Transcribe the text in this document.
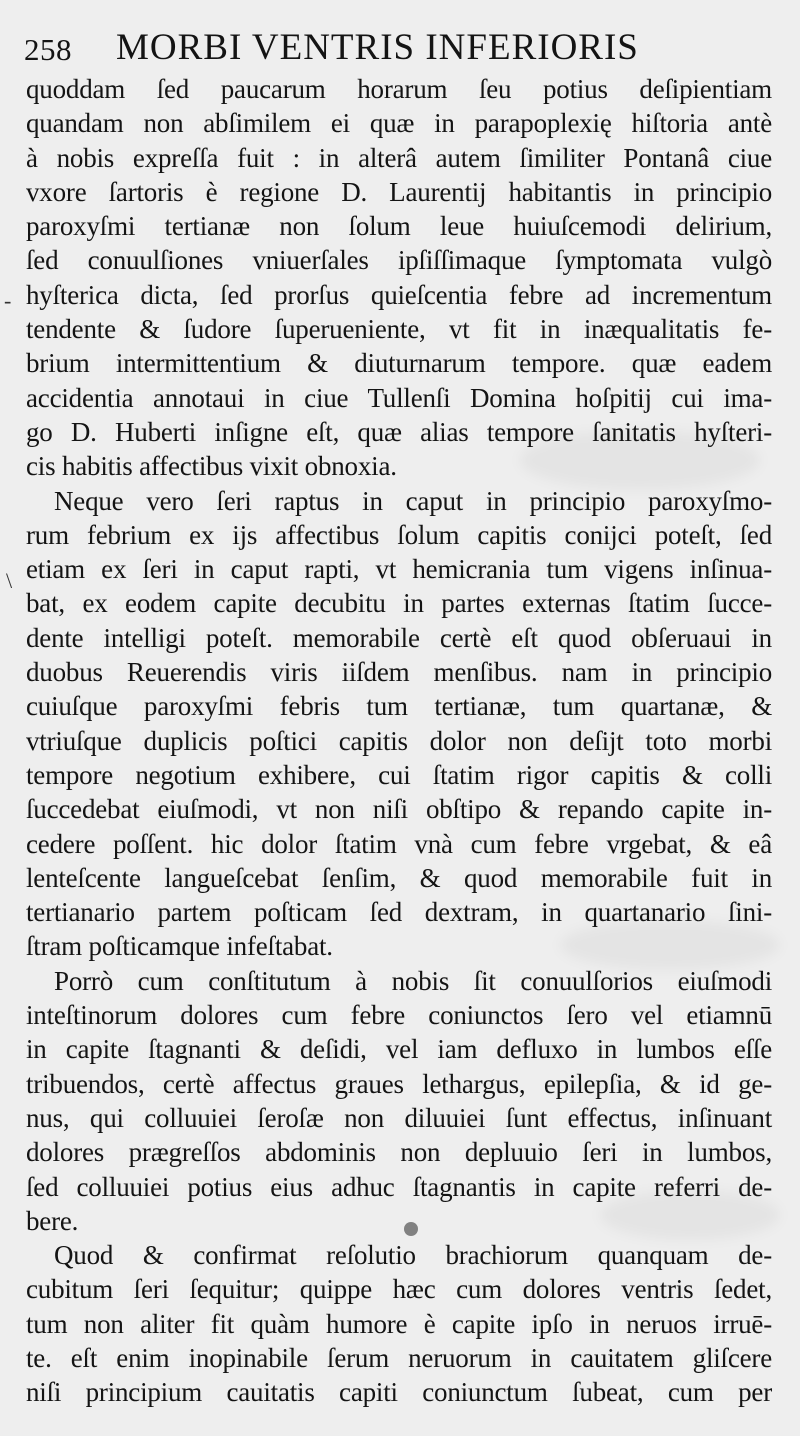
258 MORBI VENTRIS INFERIORIS
quoddam ſed paucarum horarum ſeu potius deſipientiam
quandam non abſimilem ei quæ in parapoplexię hiſtoria antè
à nobis expreſſa fuit : in alterâ autem ſimiliter Pontanâ ciue
vxore ſartoris è regione D. Laurentij habitantis in principio
paroxyſmi tertianæ non ſolum leue huiuſcemodi delirium,
ſed conuulſiones vniuerſales ipſiſſimaque ſymptomata vulgò
hyſterica dicta, ſed prorſus quieſcentia febre ad incrementum
tendente & ſudore ſuperueniente, vt fit in inæqualitatis fe-
brium intermittentium & diuturnarum tempore. quæ eadem
accidentia annotaui in ciue Tullenſi Domina hoſpitij cui ima-
go D. Huberti inſigne eſt, quæ alias tempore ſanitatis hyſteri-
cis habitis affectibus vixit obnoxia.
Neque vero ſeri raptus in caput in principio paroxyſmo-
rum febrium ex ijs affectibus ſolum capitis conijci poteſt, ſed
etiam ex ſeri in caput rapti, vt hemicrania tum vigens inſinua-
bat, ex eodem capite decubitu in partes externas ſtatim ſucce-
dente intelligi poteſt. memorabile certè eſt quod obſeruaui in
duobus Reuerendis viris iiſdem menſibus. nam in principio
cuiuſque paroxyſmi febris tum tertianæ, tum quartanæ, &
vtriuſque duplicis poſtici capitis dolor non deſijt toto morbi
tempore negotium exhibere, cui ſtatim rigor capitis & colli
ſuccedebat eiuſmodi, vt non niſi obſtipo & repando capite in-
cedere poſſent. hic dolor ſtatim vnà cum febre vrgebat, & eâ
lenteſcente langueſcebat ſenſim, & quod memorabile fuit in
tertianario partem poſticam ſed dextram, in quartanario ſini-
ſtram poſticamque infeſtabat.
Porrò cum conſtitutum à nobis ſit conuulſorios eiuſmodi
inteſtinorum dolores cum febre coniunctos ſero vel etiamnū
in capite ſtagnanti & deſidi, vel iam defluxo in lumbos eſſe
tribuendos, certè affectus graues lethargus, epilepſia, & id ge-
nus, qui colluuiei ſeroſæ non diluuiei ſunt effectus, inſinuant
dolores prægreſſos abdominis non depluuio ſeri in lumbos,
ſed colluuiei potius eius adhuc ſtagnantis in capite referri de-
bere.
Quod & confirmat reſolutio brachiorum quanquam de-
cubitum ſeri ſequitur; quippe hæc cum dolores ventris ſedet,
tum non aliter fit quàm humore è capite ipſo in neruos irruē-
te. eſt enim inopinabile ſerum neruorum in cauitatem gliſcere
niſi principium cauitatis capiti coniunctum ſubeat, cum per
-
\
